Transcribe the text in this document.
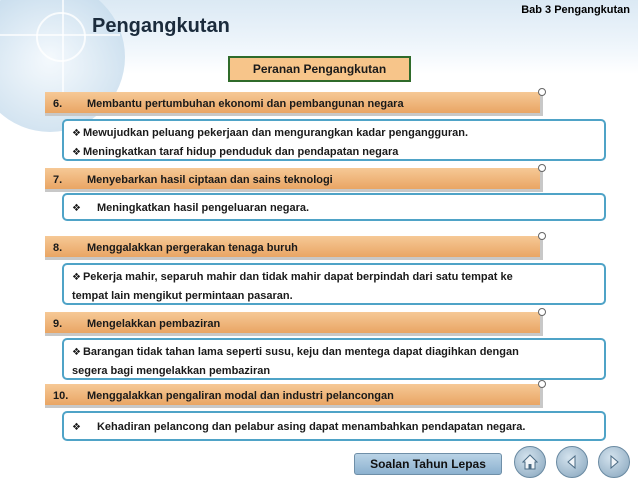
Bab 3 Pengangkutan
Pengangkutan
Peranan Pengangkutan
6. Membantu pertumbuhan ekonomi dan pembangunan negara
❖ Mewujudkan peluang pekerjaan dan mengurangkan kadar pengangguran.
❖ Meningkatkan taraf hidup penduduk dan pendapatan negara
7. Menyebarkan hasil ciptaan dan sains teknologi
❖ Meningkatkan hasil pengeluaran negara.
8. Menggalakkan pergerakan tenaga buruh
❖ Pekerja mahir, separuh mahir dan tidak mahir dapat berpindah dari satu tempat ke
tempat lain mengikut permintaan pasaran.
9. Mengelakkan pembaziran
❖ Barangan tidak tahan lama seperti susu, keju dan mentega dapat diagihkan dengan
segera bagi mengelakkan pembaziran
10. Menggalakkan pengaliran modal dan industri pelancongan
❖ Kehadiran pelancong dan pelabur asing dapat menambahkan pendapatan negara.
Soalan Tahun Lepas
